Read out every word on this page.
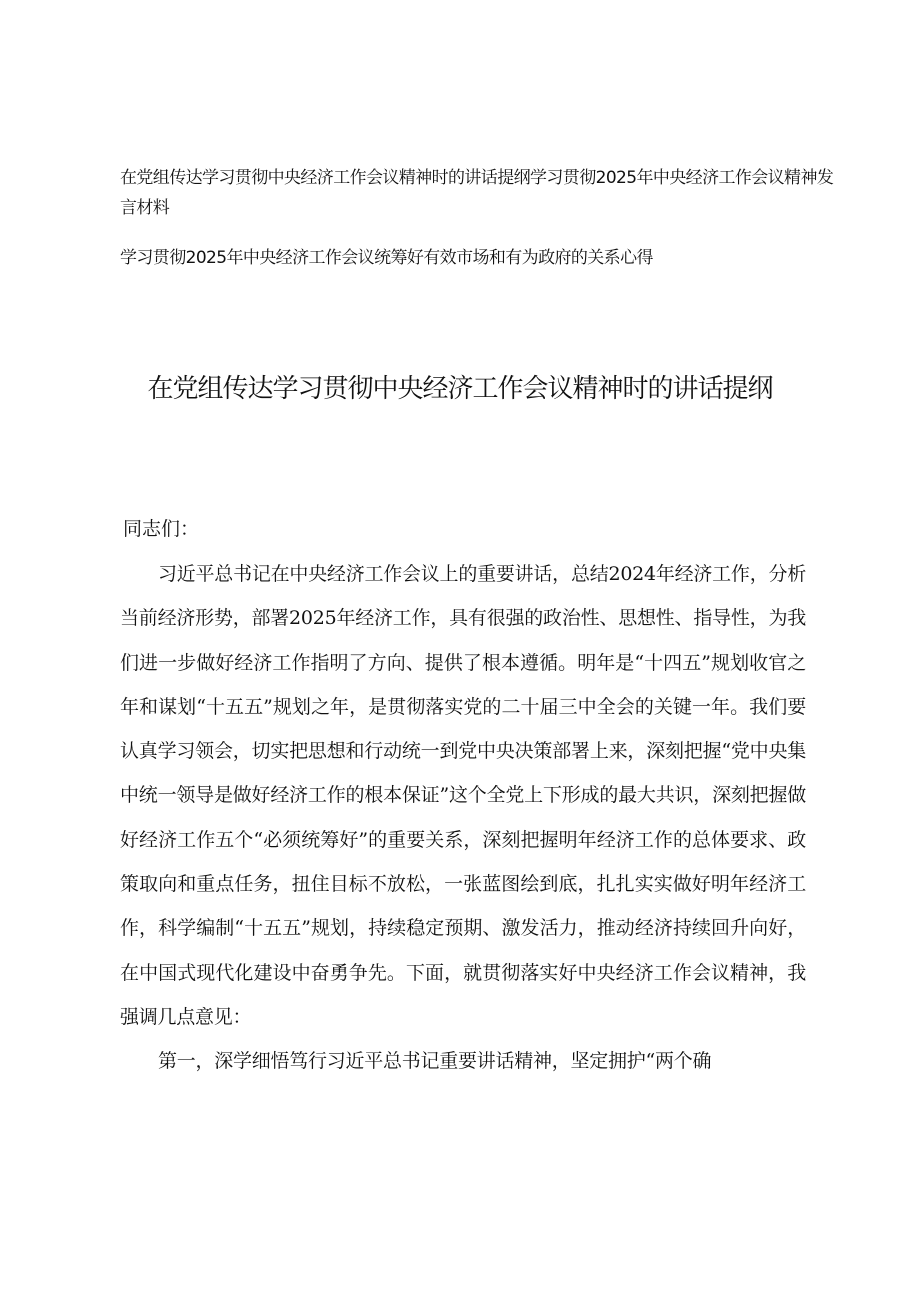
在党组传达学习贯彻中央经济工作会议精神时的讲话提纲学习贯彻2025年中央经济工作会议精神发言材料

学习贯彻2025年中央经济工作会议统筹好有效市场和有为政府的关系心得

在党组传达学习贯彻中央经济工作会议精神时的讲话提纲

同志们：

习近平总书记在中央经济工作会议上的重要讲话，总结2024年经济工作，分析当前经济形势，部署2025年经济工作，具有很强的政治性、思想性、指导性，为我们进一步做好经济工作指明了方向、提供了根本遵循。明年是“十四五”规划收官之年和谋划“十五五”规划之年，是贯彻落实党的二十届三中全会的关键一年。我们要认真学习领会，切实把思想和行动统一到党中央决策部署上来，深刻把握“党中央集中统一领导是做好经济工作的根本保证”这个全党上下形成的最大共识，深刻把握做好经济工作五个“必须统筹好”的重要关系，深刻把握明年经济工作的总体要求、政策取向和重点任务，扭住目标不放松，一张蓝图绘到底，扎扎实实做好明年经济工作，科学编制“十五五”规划，持续稳定预期、激发活力，推动经济持续回升向好，在中国式现代化建设中奋勇争先。下面，就贯彻落实好中央经济工作会议精神，我强调几点意见：

第一，深学细悟笃行习近平总书记重要讲话精神，坚定拥护“两个确
